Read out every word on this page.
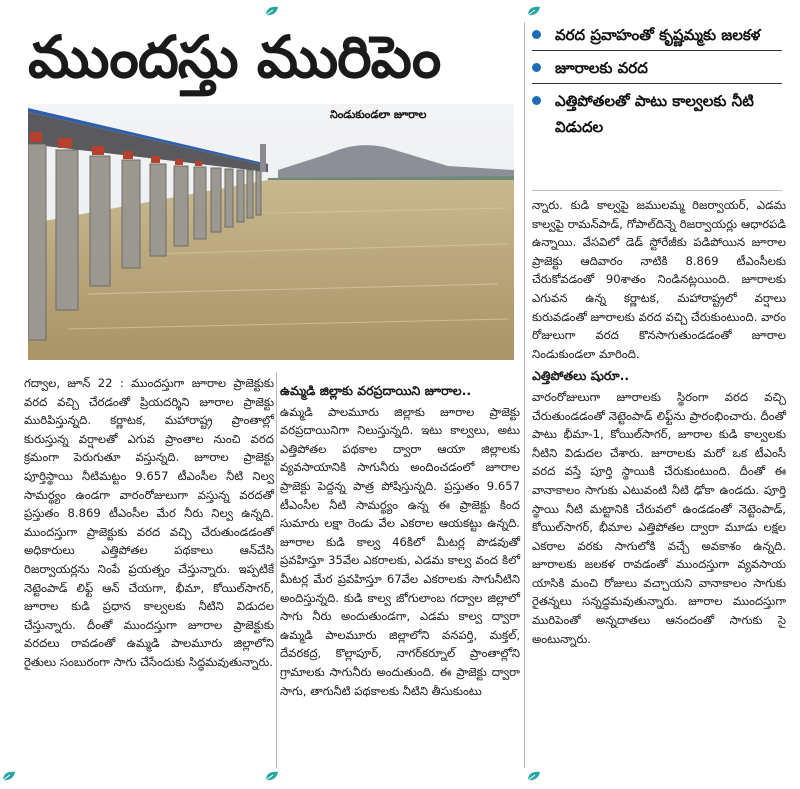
ముందస్తు మురిపెం
నిండుకుండలా జూరాల
వరద ప్రవాహంతో కృష్ణమ్మకు జలకళ
జూరాలకు వరద
ఎత్తిపోతలతో పాటు కాల్వలకు నీటి విడుదల
గద్వాల, జూన్ 22 : ముందస్తుగా జూరాల ప్రాజెక్టుకు వరద వచ్చి చేరడంతో ప్రియదర్శిని జూరాల ప్రాజెక్టు మురిపిస్తున్నది. కర్ణాటక, మహారాష్ట్ర ప్రాంతాల్లో కురుస్తున్న వర్షాలతో ఎగువ ప్రాంతాల నుంచి వరద క్రమంగా పెరుగుతూ వస్తున్నది. జూరాల ప్రాజెక్టు పూర్తిస్థాయి నీటిమట్టం 9.657 టీఎంసీల నీటి నిల్వ సామర్థ్యం ఉండగా వారంరోజులుగా వస్తున్న వరదతో ప్రస్తుతం 8.869 టీఎంసీల మేర నీరు నిల్వ ఉన్నది. ముందస్తుగా ప్రాజెక్టుకు వరద వచ్చి చేరుతుండడంతో అధికారులు ఎత్తిపోతల పథకాలు ఆన్‌చేసి రిజర్వాయర్లను నింపే ప్రయత్నం చేస్తున్నారు. ఇప్పటికే నెట్టెంపాడ్ లిఫ్ట్ ఆన్ చేయగా, భీమా, కోయిల్‌సాగర్, జూరాల కుడి ప్రధాన కాల్వలకు నీటిని విడుదల చేస్తున్నారు. దీంతో ముందస్తుగా జూరాల ప్రాజెక్టుకు వరదలు రావడంతో ఉమ్మడి పాలమూరు జిల్లాలోని రైతులు సంబురంగా సాగు చేసేందుకు సిద్ధమవుతున్నారు.
ఉమ్మడి జిల్లాకు వరప్రదాయిని జూరాల..
ఉమ్మడి పాలమూరు జిల్లాకు జూరాల ప్రాజెక్టు వరప్రదాయినిగా నిలుస్తున్నది. ఇటు కాల్వలు, అటు ఎత్తిపోతల పథకాల ద్వారా ఆయా జిల్లాలకు వ్యవసాయానికి సాగునీరు అందించడంలో జూరాల ప్రాజెక్టు పెద్దన్న పాత్ర పోషిస్తున్నది. ప్రస్తుతం 9.657 టీఎంసీల నీటి సామర్థ్యం ఉన్న ఈ ప్రాజెక్టు కింద సుమారు లక్షా రెండు వేల ఎకరాల ఆయకట్టు ఉన్నది. జూరాల కుడి కాల్వ 46కిలో మీటర్ల పొడవుతో ప్రవహిస్తూ 35వేల ఎకరాలకు, ఎడమ కాల్వ వంద కిలో మీటర్ల మేర ప్రవహిస్తూ 67వేల ఎకరాలకు సాగునీటిని అందిస్తున్నది. కుడి కాల్వ జోగులాంబ గద్వాల జిల్లాలో సాగు నీరు అందుతుండగా, ఎడమ కాల్వ ద్వారా ఉమ్మడి పాలమూరు జిల్లాలోని వనపర్తి, మక్తల్, దేవరకద్ర, కొల్లాపూర్, నాగర్‌కర్నూల్ ప్రాంతాల్లోని గ్రామాలకు సాగునీరు అందుతుంది. ఈ ప్రాజెక్టు ద్వారా సాగు, తాగునీటి పథకాలకు నీటిని తీసుకుంటు
న్నారు. కుడి కాల్వపై జములమ్మ రిజర్వాయర్, ఎడమ కాల్వపై రామన్‌పాడ్, గోపాల్‌దిన్నె రిజర్వాయర్లు ఆధారపడి ఉన్నాయి. వేసవిలో డెడ్ స్టోరేజీకు పడిపోయిన జూరాల ప్రాజెక్టు ఆదివారం నాటికి 8.869 టీఎంసీలకు చేరుకోవడంతో 90శాతం నిండినట్లయింది. జూరాలకు ఎగువన ఉన్న కర్ణాటక, మహారాష్ట్రలో వర్షాలు కురువడంతో జూరాలకు వరద వచ్చి చేరుకుంటుంది. వారం రోజులుగా వరద కొనసాగుతుండడంతో జూరాల నిండుకుండలా మారింది.
ఎత్తిపోతలు షురూ..
వారంరోజులుగా జూరాలకు స్థిరంగా వరద వచ్చి చేరుతుండడంతో నెట్టెంపాడ్ లిఫ్ట్‌ను ప్రారంభించారు. దీంతో పాటు భీమా-1, కోయిల్‌సాగర్, జూరాల కుడి కాల్వలకు నీటిని విడుదల చేశారు. జూరాలకు మరో ఒక టీఎంసీ వరద వస్తే పూర్తి స్థాయికి చేరుకుంటుంది. దీంతో ఈ వానాకాలం సాగుకు ఎటువంటి నీటి ఢోకా ఉండదు. పూర్తి స్థాయి నీటి మట్టానికి చేరువలో ఉండడంతో నెట్టెంపాడ్, కోయిల్‌సాగర్, భీమాల ఎత్తిపోతల ద్వారా మూడు లక్షల ఎకరాల వరకు సాగులోకి వచ్చే అవకాశం ఉన్నది. జూరాలకు జలకళ రావడంతో ముందస్తుగా వ్యవసాయ యాసికి మంచి రోజులు వచ్చాయని వానాకాలం సాగుకు రైతన్నలు సన్నద్ధమవుతున్నారు. జూరాల ముందస్తుగా మురిపెంతో అన్నదాతలు ఆనందంతో సాగుకు సై అంటున్నారు.
